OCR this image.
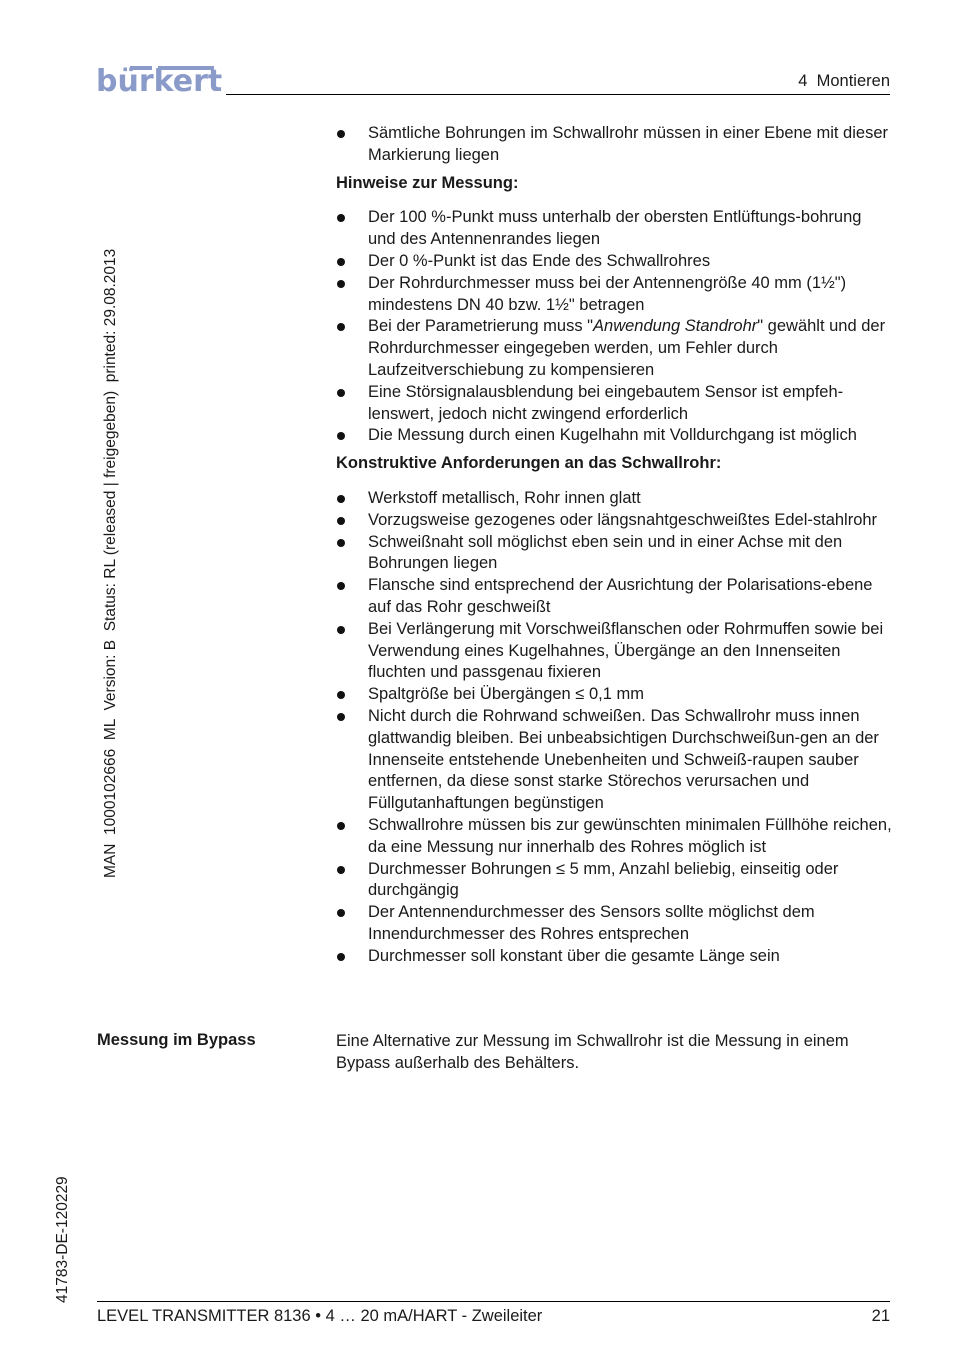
bürkert	4  Montieren
MAN  1000102666  ML  Version: B  Status: RL (released | freigegeben)  printed: 29.08.2013
41783-DE-120229
Sämtliche Bohrungen im Schwallrohr müssen in einer Ebene mit dieser Markierung liegen
Hinweise zur Messung:
Der 100 %-Punkt muss unterhalb der obersten Entlüftungs-bohrung und des Antennenrandes liegen
Der 0 %-Punkt ist das Ende des Schwallrohres
Der Rohrdurchmesser muss bei der Antennengröße 40 mm (1½") mindestens DN 40 bzw. 1½" betragen
Bei der Parametrierung muss "Anwendung Standrohr" gewählt und der Rohrdurchmesser eingegeben werden, um Fehler durch Laufzeitverschiebung zu kompensieren
Eine Störsignalausblendung bei eingebautem Sensor ist empfeh-lenswert, jedoch nicht zwingend erforderlich
Die Messung durch einen Kugelhahn mit Volldurchgang ist möglich
Konstruktive Anforderungen an das Schwallrohr:
Werkstoff metallisch, Rohr innen glatt
Vorzugsweise gezogenes oder längsnahtgeschweißtes Edel-stahlrohr
Schweißnaht soll möglichst eben sein und in einer Achse mit den Bohrungen liegen
Flansche sind entsprechend der Ausrichtung der Polarisations-ebene auf das Rohr geschweißt
Bei Verlängerung mit Vorschweißflanschen oder Rohrmuffen sowie bei Verwendung eines Kugelhahnes, Übergänge an den Innenseiten fluchten und passgenau fixieren
Spaltgröße bei Übergängen ≤ 0,1 mm
Nicht durch die Rohrwand schweißen. Das Schwallrohr muss innen glattwandig bleiben. Bei unbeabsichtigen Durchschweißun-gen an der Innenseite entstehende Unebenheiten und Schweiß-raupen sauber entfernen, da diese sonst starke Störechos verursachen und Füllgutanhaftungen begünstigen
Schwallrohre müssen bis zur gewünschten minimalen Füllhöhe reichen, da eine Messung nur innerhalb des Rohres möglich ist
Durchmesser Bohrungen ≤ 5 mm, Anzahl beliebig, einseitig oder durchgängig
Der Antennendurchmesser des Sensors sollte möglichst dem Innendurchmesser des Rohres entsprechen
Durchmesser soll konstant über die gesamte Länge sein
Messung im Bypass	Eine Alternative zur Messung im Schwallrohr ist die Messung in einem Bypass außerhalb des Behälters.
LEVEL TRANSMITTER 8136 • 4 … 20 mA/HART - Zweileiter	21
